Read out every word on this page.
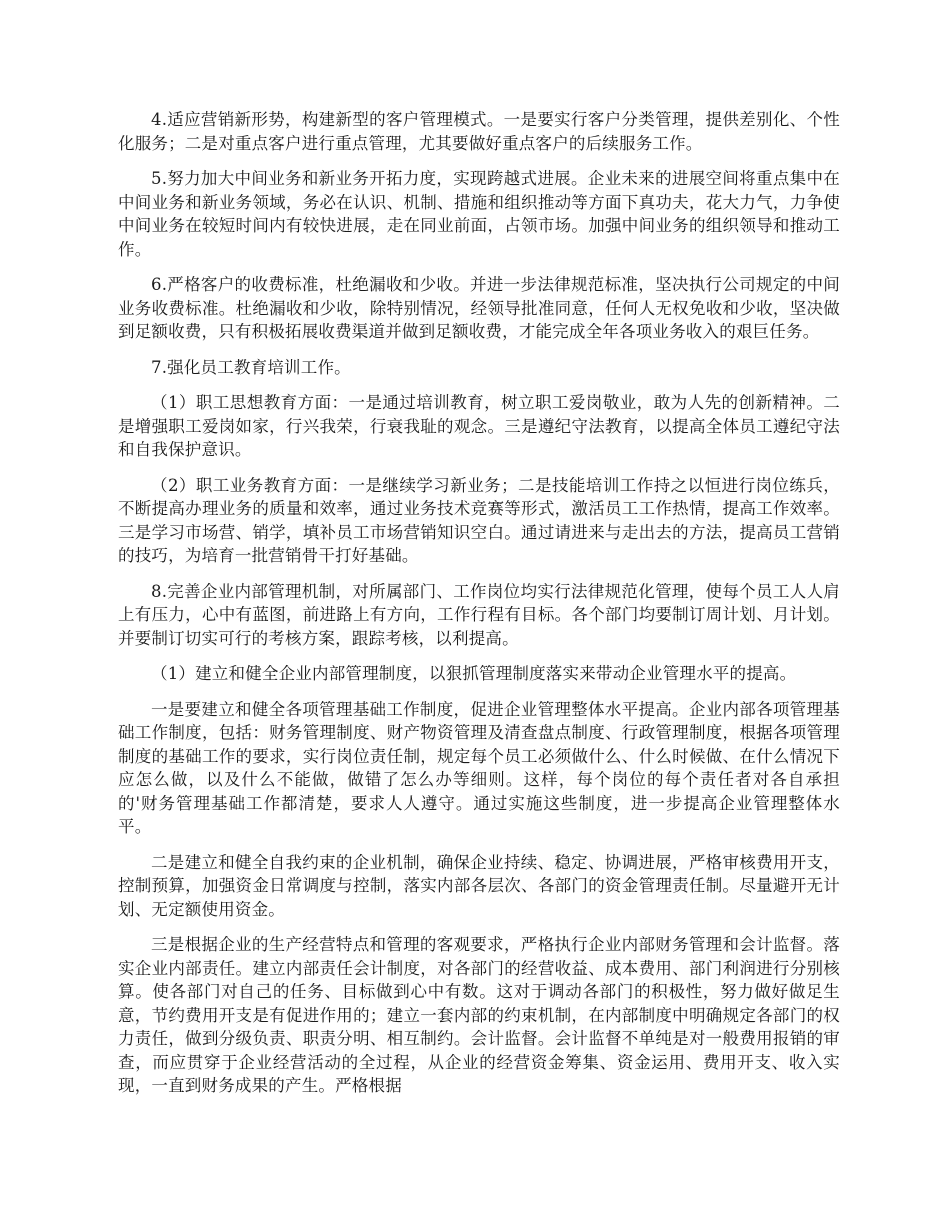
4.适应营销新形势，构建新型的客户管理模式。一是要实行客户分类管理，提供差别化、个性化服务；二是对重点客户进行重点管理，尤其要做好重点客户的后续服务工作。

5.努力加大中间业务和新业务开拓力度，实现跨越式进展。企业未来的进展空间将重点集中在中间业务和新业务领域，务必在认识、机制、措施和组织推动等方面下真功夫，花大力气，力争使中间业务在较短时间内有较快进展，走在同业前面，占领市场。加强中间业务的组织领导和推动工作。

6.严格客户的收费标准，杜绝漏收和少收。并进一步法律规范标准，坚决执行公司规定的中间业务收费标准。杜绝漏收和少收，除特别情况，经领导批准同意，任何人无权免收和少收，坚决做到足额收费，只有积极拓展收费渠道并做到足额收费，才能完成全年各项业务收入的艰巨任务。

7.强化员工教育培训工作。

（1）职工思想教育方面：一是通过培训教育，树立职工爱岗敬业，敢为人先的创新精神。二是增强职工爱岗如家，行兴我荣，行衰我耻的观念。三是遵纪守法教育，以提高全体员工遵纪守法和自我保护意识。

（2）职工业务教育方面：一是继续学习新业务；二是技能培训工作持之以恒进行岗位练兵，不断提高办理业务的质量和效率，通过业务技术竞赛等形式，激活员工工作热情，提高工作效率。三是学习市场营、销学，填补员工市场营销知识空白。通过请进来与走出去的方法，提高员工营销的技巧，为培育一批营销骨干打好基础。

8.完善企业内部管理机制，对所属部门、工作岗位均实行法律规范化管理，使每个员工人人肩上有压力，心中有蓝图，前进路上有方向，工作行程有目标。各个部门均要制订周计划、月计划。并要制订切实可行的考核方案，跟踪考核，以利提高。

（1）建立和健全企业内部管理制度，以狠抓管理制度落实来带动企业管理水平的提高。

一是要建立和健全各项管理基础工作制度，促进企业管理整体水平提高。企业内部各项管理基础工作制度，包括：财务管理制度、财产物资管理及清查盘点制度、行政管理制度，根据各项管理制度的基础工作的要求，实行岗位责任制，规定每个员工必须做什么、什么时候做、在什么情况下应怎么做，以及什么不能做，做错了怎么办等细则。这样，每个岗位的每个责任者对各自承担的'财务管理基础工作都清楚，要求人人遵守。通过实施这些制度，进一步提高企业管理整体水平。

二是建立和健全自我约束的企业机制，确保企业持续、稳定、协调进展，严格审核费用开支，控制预算，加强资金日常调度与控制，落实内部各层次、各部门的资金管理责任制。尽量避开无计划、无定额使用资金。

三是根据企业的生产经营特点和管理的客观要求，严格执行企业内部财务管理和会计监督。落实企业内部责任。建立内部责任会计制度，对各部门的经营收益、成本费用、部门利润进行分别核算。使各部门对自己的任务、目标做到心中有数。这对于调动各部门的积极性，努力做好做足生意，节约费用开支是有促进作用的；建立一套内部的约束机制，在内部制度中明确规定各部门的权力责任，做到分级负责、职责分明、相互制约。会计监督。会计监督不单纯是对一般费用报销的审查，而应贯穿于企业经营活动的全过程，从企业的经营资金筹集、资金运用、费用开支、收入实现，一直到财务成果的产生。严格根据
